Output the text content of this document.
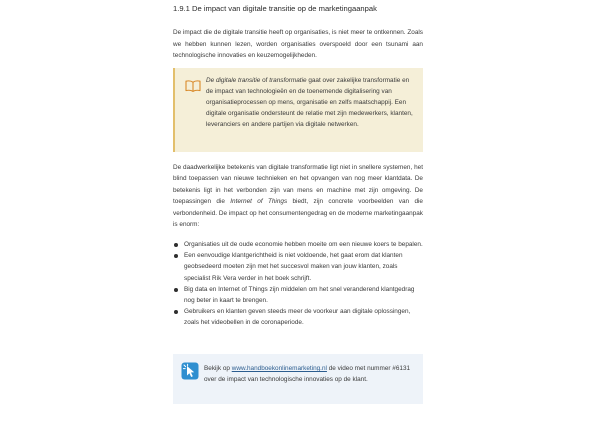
1.9.1 De impact van digitale transitie op de marketingaanpak
De impact die de digitale transitie heeft op organisaties, is niet meer te ontkennen. Zoals we hebben kunnen lezen, worden organisaties overspoeld door een tsunami aan technologische innovaties en keuzemogelijkheden.
De digitale transitie of transformatie gaat over zakelijke transformatie en de impact van technologieën en de toenemende digitalisering van organisatieprocessen op mens, organisatie en zelfs maatschappij. Een digitale organisatie ondersteunt de relatie met zijn medewerkers, klanten, leveranciers en andere partijen via digitale netwerken.
De daadwerkelijke betekenis van digitale transformatie ligt niet in snellere systemen, het blind toepassen van nieuwe technieken en het opvangen van nog meer klantdata. De betekenis ligt in het verbonden zijn van mens en machine met zijn omgeving. De toepassingen die Internet of Things biedt, zijn concrete voorbeelden van die verbondenheid. De impact op het consumentengedrag en de moderne marketingaanpak is enorm:
Organisaties uit de oude economie hebben moeite om een nieuwe koers te bepalen.
Een eenvoudige klantgerichtheid is niet voldoende, het gaat erom dat klanten geobsedeerd moeten zijn met het succesvol maken van jouw klanten, zoals specialist Rik Vera verder in het boek schrijft.
Big data en Internet of Things zijn middelen om het snel veranderend klantgedrag nog beter in kaart te brengen.
Gebruikers en klanten geven steeds meer de voorkeur aan digitale oplossingen, zoals het videobellen in de coronaperiode.
Bekijk op www.handboekonlinemarketing.nl de video met nummer #6131 over de impact van technologische innovaties op de klant.
